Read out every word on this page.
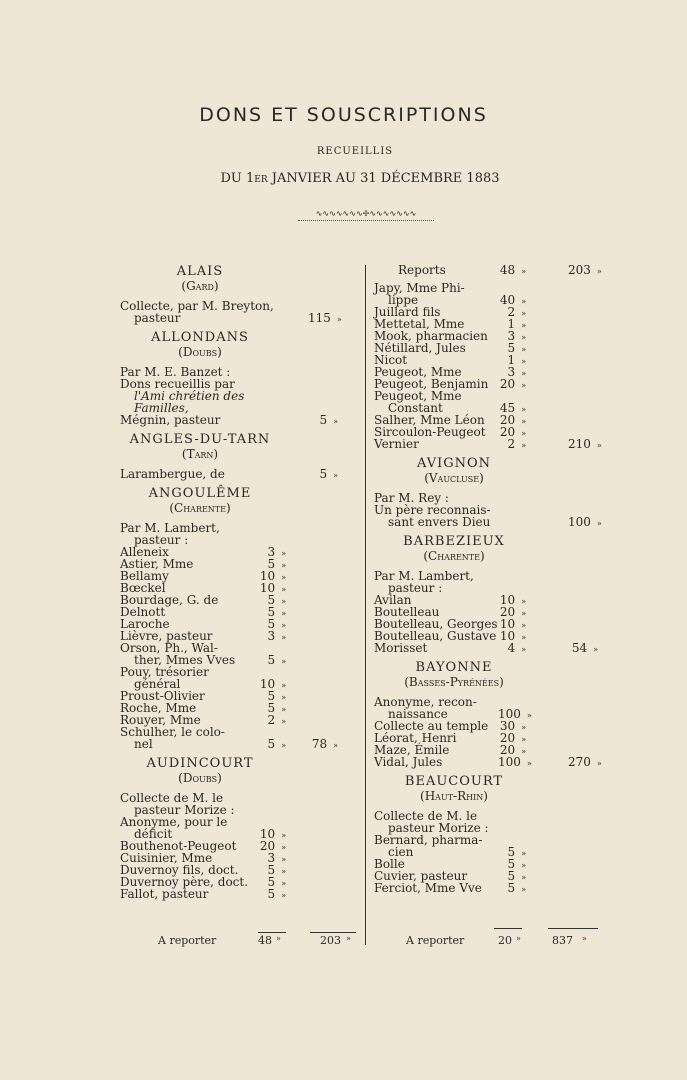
DONS ET SOUSCRIPTIONS
RECUEILLIS
DU 1er JANVIER AU 31 DÉCEMBRE 1883
∿∿∿∿∿∿∿✢∿∿∿∿∿∿∿
ALAIS
(Gard)
Collecte, par M. Breyton,
pasteur	115 »
ALLONDANS
(Doubs)
Par M. E. Banzet :
Dons recueillis par
l'Ami chrétien des
Familles,
Mégnin, pasteur	5 »
ANGLES-DU-TARN
(Tarn)
Larambergue, de	5 »
ANGOULÊME
(Charente)
Par M. Lambert,
pasteur :
Alleneix	3 »
Astier, Mme	5 »
Bellamy	10 »
Bœckel	10 »
Bourdage, G. de	5 »
Delnott	5 »
Laroche	5 »
Lièvre, pasteur	3 »
Orson, Ph., Wal-
ther, Mmes Vves	5 »
Pouy, trésorier
général	10 »
Proust-Olivier	5 »
Roche, Mme	5 »
Rouyer, Mme	2 »
Schulher, le colo-
nel	5 »	78 »
AUDINCOURT
(Doubs)
Collecte de M. le
pasteur Morize :
Anonyme, pour le
déficit	10 »
Bouthenot-Peugeot 20 »
Cuisinier, Mme	3 »
Duvernoy fils, doct.	5 »
Duvernoy père, doct.	5 »
Fallot, pasteur	5 »
Reports	48 »	203 »
Japy, Mme Phi-
lippe	40 »
Juillard fils	2 »
Mettetal, Mme	1 »
Mook, pharmacien	3 »
Nétillard, Jules	5 »
Nicot	1 »
Peugeot, Mme	3 »
Peugeot, Benjamin 20 »
Peugeot, Mme
Constant	45 »
Salher, Mme Léon 20 »
Sircoulon-Peugeot 20 »
Vernier	2 »	210 »
AVIGNON
(Vaucluse)
Par M. Rey :
Un père reconnais-
sant envers Dieu	100 »
BARBEZIEUX
(Charente)
Par M. Lambert,
pasteur :
Avilan	10 »
Boutelleau	20 »
Boutelleau, Georges 10 »
Boutelleau, Gustave 10 »
Morisset	4 »	54 »
BAYONNE
(Basses-Pyrénées)
Anonyme, recon-
naissance	100 »
Collecte au temple 30 »
Léorat, Henri	20 »
Maze, Émile	20 »
Vidal, Jules	100 »	270 »
BEAUCOURT
(Haut-Rhin)
Collecte de M. le
pasteur Morize :
Bernard, pharma-
cien	5 »
Bolle	5 »
Cuvier, pasteur	5 »
Ferciot, Mme Vve	5 »
A reporter	48 »	203 »	A reporter	20 »	837 »
